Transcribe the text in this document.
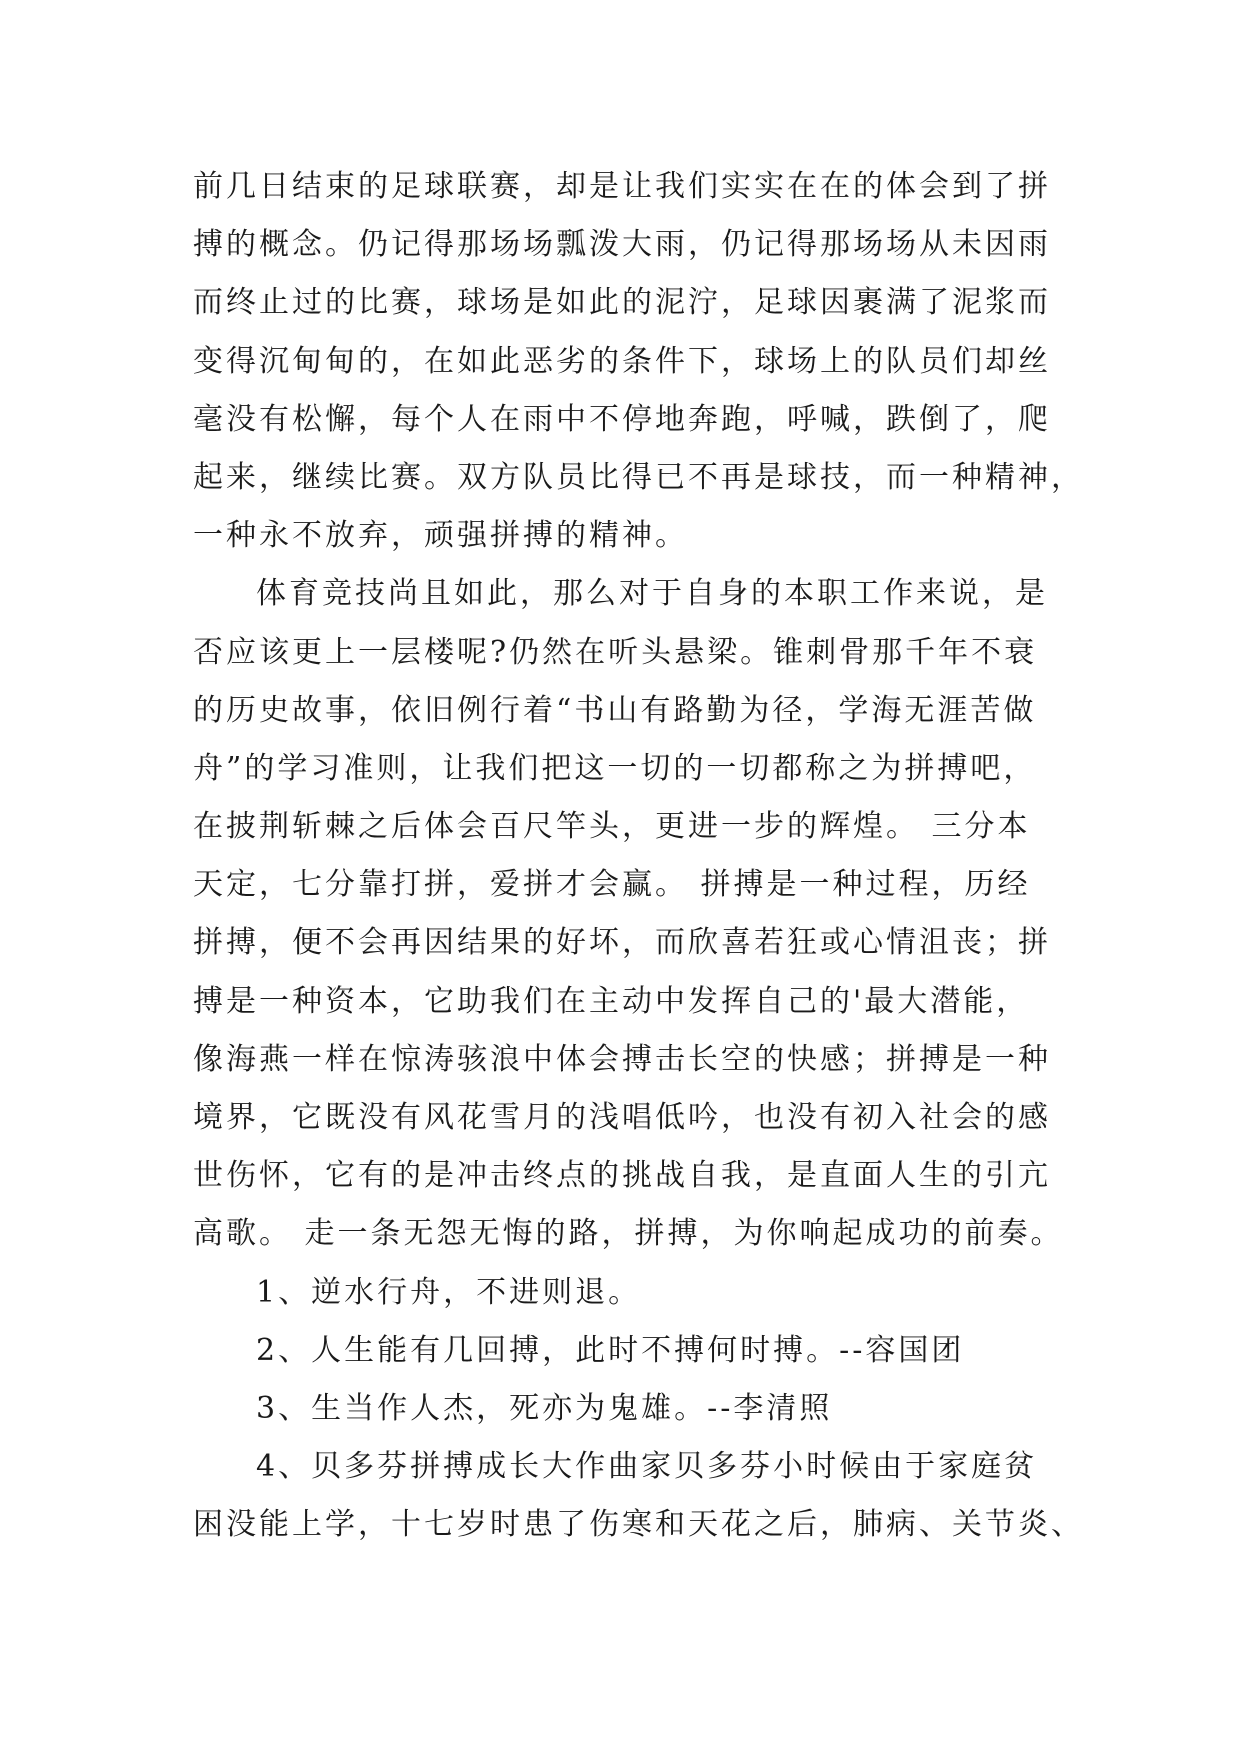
前几日结束的足球联赛，却是让我们实实在在的体会到了拼
搏的概念。仍记得那场场瓢泼大雨，仍记得那场场从未因雨
而终止过的比赛，球场是如此的泥泞，足球因裹满了泥浆而
变得沉甸甸的，在如此恶劣的条件下，球场上的队员们却丝
毫没有松懈，每个人在雨中不停地奔跑，呼喊，跌倒了，爬
起来，继续比赛。双方队员比得已不再是球技，而一种精神，
一种永不放弃，顽强拼搏的精神。
体育竞技尚且如此，那么对于自身的本职工作来说，是
否应该更上一层楼呢?仍然在听头悬梁。锥刺骨那千年不衰
的历史故事，依旧例行着“书山有路勤为径，学海无涯苦做
舟”的学习准则，让我们把这一切的一切都称之为拼搏吧，
在披荆斩棘之后体会百尺竿头，更进一步的辉煌。 三分本
天定，七分靠打拼，爱拼才会赢。 拼搏是一种过程，历经
拼搏，便不会再因结果的好坏，而欣喜若狂或心情沮丧；拼
搏是一种资本，它助我们在主动中发挥自己的'最大潜能，
像海燕一样在惊涛骇浪中体会搏击长空的快感；拼搏是一种
境界，它既没有风花雪月的浅唱低吟，也没有初入社会的感
世伤怀，它有的是冲击终点的挑战自我，是直面人生的引亢
高歌。 走一条无怨无悔的路，拼搏，为你响起成功的前奏。
1、逆水行舟，不进则退。
2、人生能有几回搏，此时不搏何时搏。--容国团
3、生当作人杰，死亦为鬼雄。--李清照
4、贝多芬拼搏成长大作曲家贝多芬小时候由于家庭贫
困没能上学，十七岁时患了伤寒和天花之后，肺病、关节炎、
